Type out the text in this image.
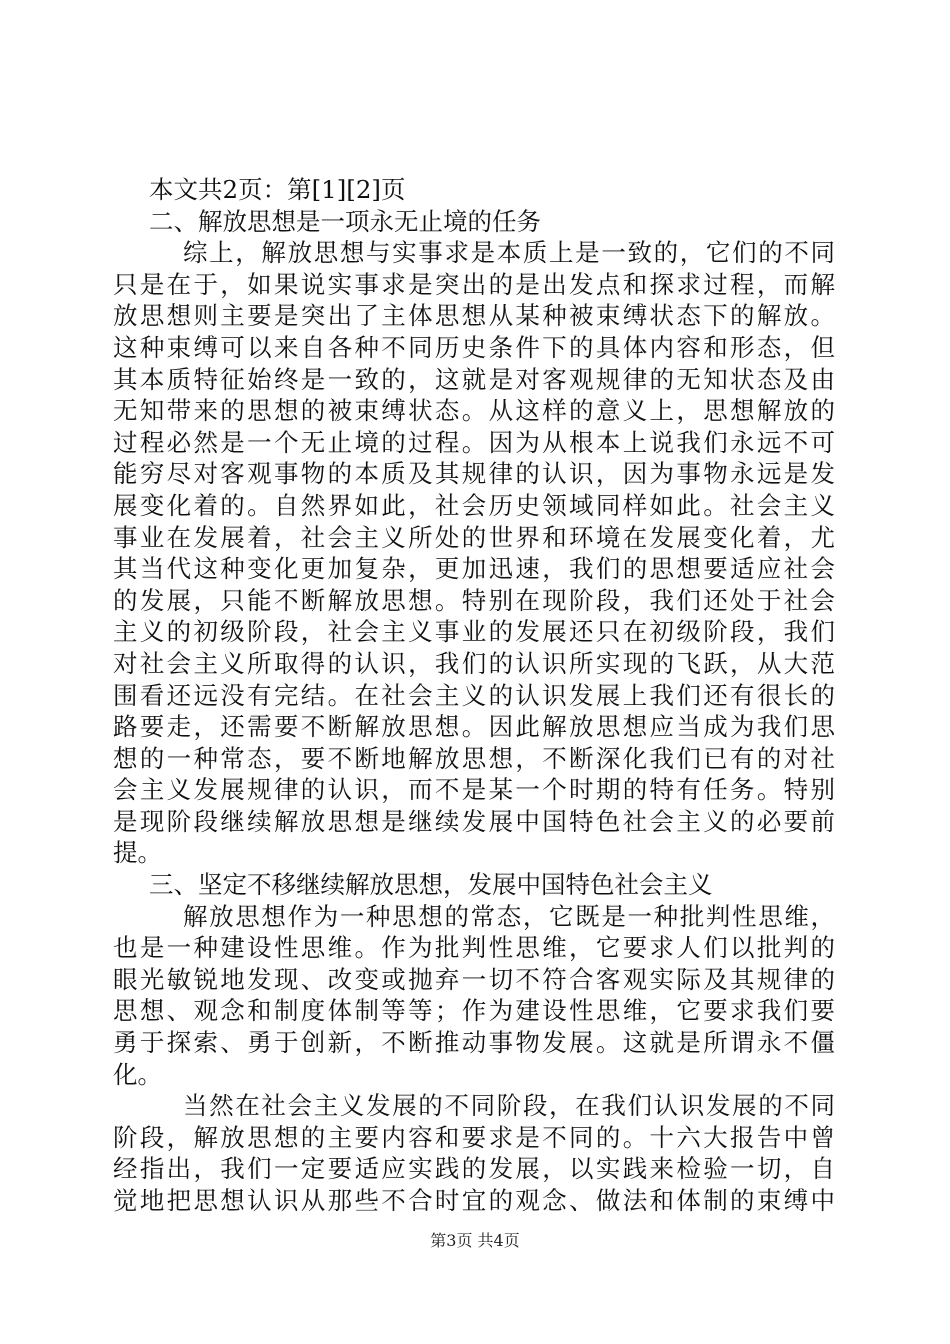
本文共2页：第[1][2]页
二、解放思想是一项永无止境的任务
综上，解放思想与实事求是本质上是一致的，它们的不同
只是在于，如果说实事求是突出的是出发点和探求过程，而解
放思想则主要是突出了主体思想从某种被束缚状态下的解放。
这种束缚可以来自各种不同历史条件下的具体内容和形态，但
其本质特征始终是一致的，这就是对客观规律的无知状态及由
无知带来的思想的被束缚状态。从这样的意义上，思想解放的
过程必然是一个无止境的过程。因为从根本上说我们永远不可
能穷尽对客观事物的本质及其规律的认识，因为事物永远是发
展变化着的。自然界如此，社会历史领域同样如此。社会主义
事业在发展着，社会主义所处的世界和环境在发展变化着，尤
其当代这种变化更加复杂，更加迅速，我们的思想要适应社会
的发展，只能不断解放思想。特别在现阶段，我们还处于社会
主义的初级阶段，社会主义事业的发展还只在初级阶段，我们
对社会主义所取得的认识，我们的认识所实现的飞跃，从大范
围看还远没有完结。在社会主义的认识发展上我们还有很长的
路要走，还需要不断解放思想。因此解放思想应当成为我们思
想的一种常态，要不断地解放思想，不断深化我们已有的对社
会主义发展规律的认识，而不是某一个时期的特有任务。特别
是现阶段继续解放思想是继续发展中国特色社会主义的必要前
提。
三、坚定不移继续解放思想，发展中国特色社会主义
解放思想作为一种思想的常态，它既是一种批判性思维，
也是一种建设性思维。作为批判性思维，它要求人们以批判的
眼光敏锐地发现、改变或抛弃一切不符合客观实际及其规律的
思想、观念和制度体制等等；作为建设性思维，它要求我们要
勇于探索、勇于创新，不断推动事物发展。这就是所谓永不僵
化。
当然在社会主义发展的不同阶段，在我们认识发展的不同
阶段，解放思想的主要内容和要求是不同的。十六大报告中曾
经指出，我们一定要适应实践的发展，以实践来检验一切，自
觉地把思想认识从那些不合时宜的观念、做法和体制的束缚中
第3页 共4页
